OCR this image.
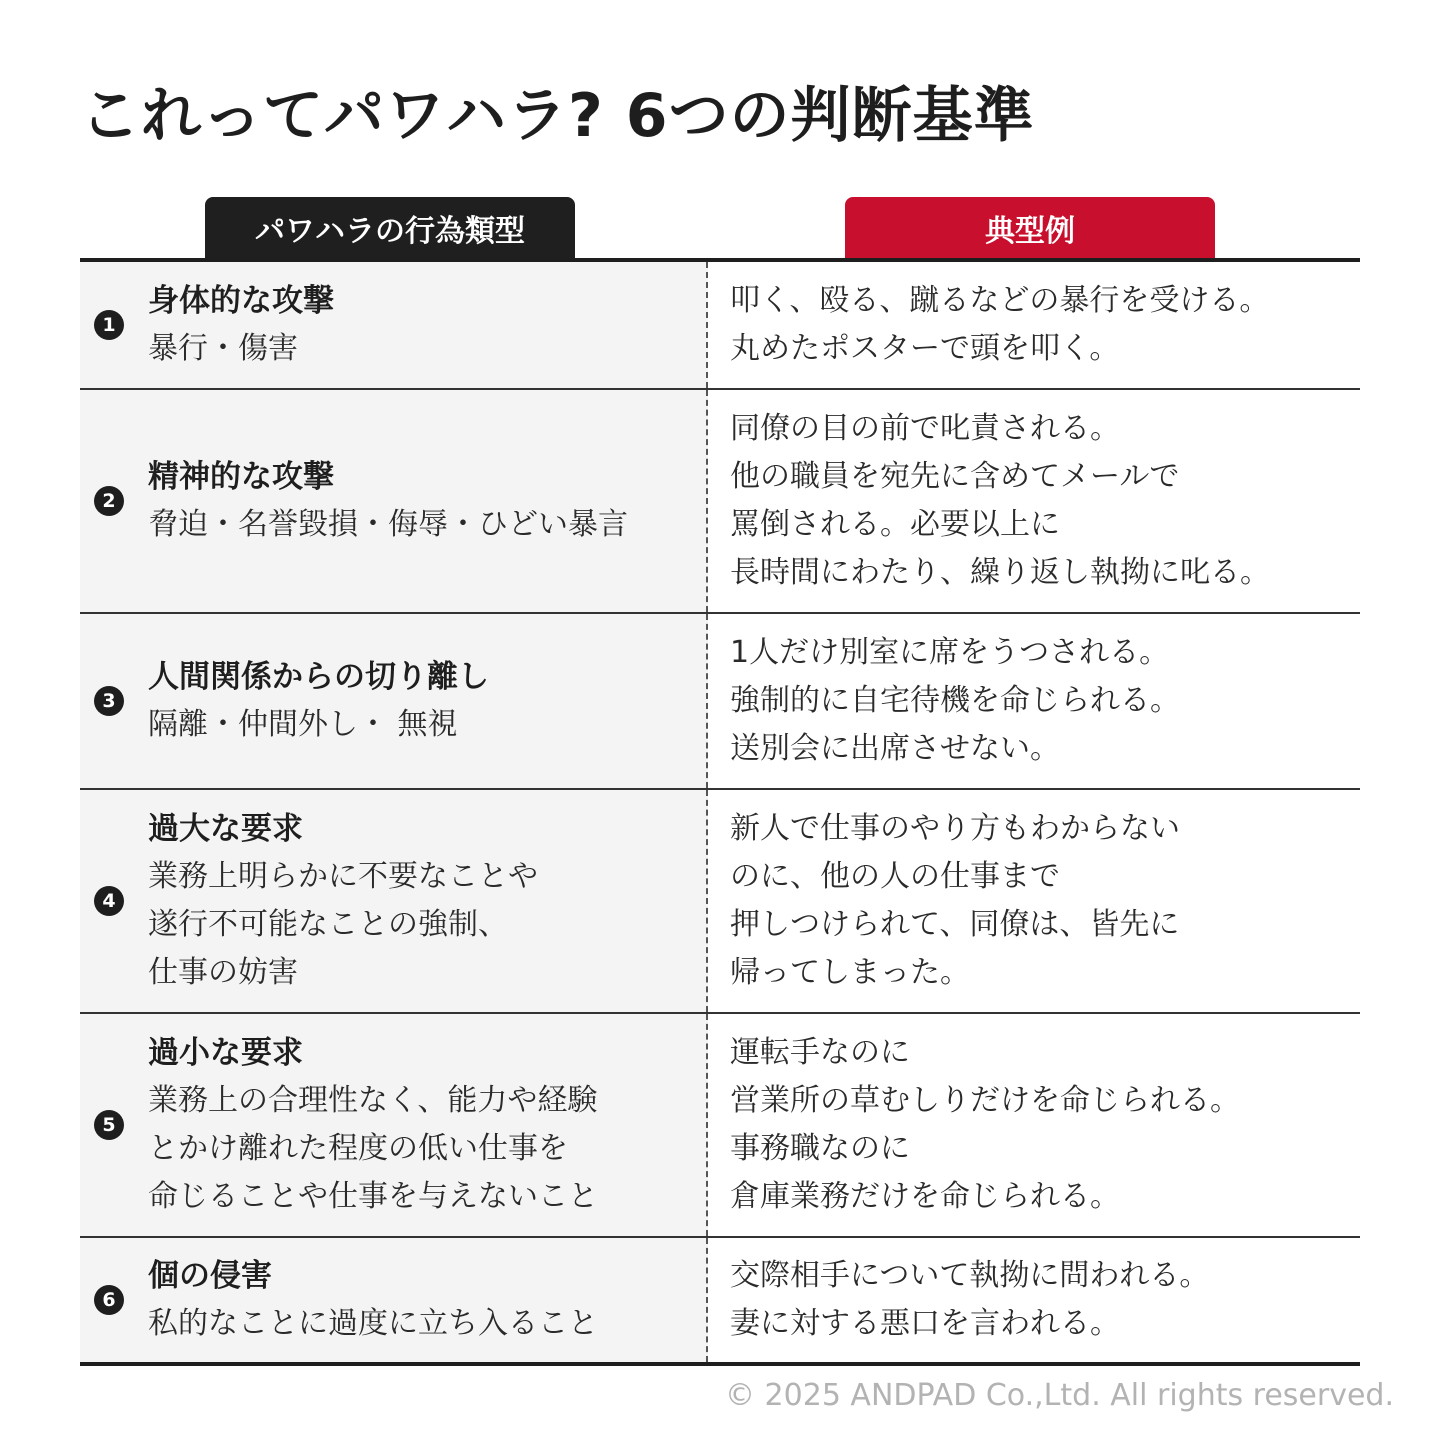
これってパワハラ? 6つの判断基準
パワハラの行為類型	典型例
1
身体的な攻撃
暴行・傷害
叩く、殴る、蹴るなどの暴行を受ける。
丸めたポスターで頭を叩く。
2
精神的な攻撃
脅迫・名誉毀損・侮辱・ひどい暴言
同僚の目の前で叱責される。
他の職員を宛先に含めてメールで
罵倒される。必要以上に
長時間にわたり、繰り返し執拗に叱る。
3
人間関係からの切り離し
隔離・仲間外し・ 無視
1人だけ別室に席をうつされる。
強制的に自宅待機を命じられる。
送別会に出席させない。
4
過大な要求
業務上明らかに不要なことや
遂行不可能なことの強制、
仕事の妨害
新人で仕事のやり方もわからない
のに、他の人の仕事まで
押しつけられて、同僚は、皆先に
帰ってしまった。
5
過小な要求
業務上の合理性なく、能力や経験
とかけ離れた程度の低い仕事を
命じることや仕事を与えないこと
運転手なのに
営業所の草むしりだけを命じられる。
事務職なのに
倉庫業務だけを命じられる。
6
個の侵害
私的なことに過度に立ち入ること
交際相手について執拗に問われる。
妻に対する悪口を言われる。
© 2025 ANDPAD Co.,Ltd. All rights reserved.
